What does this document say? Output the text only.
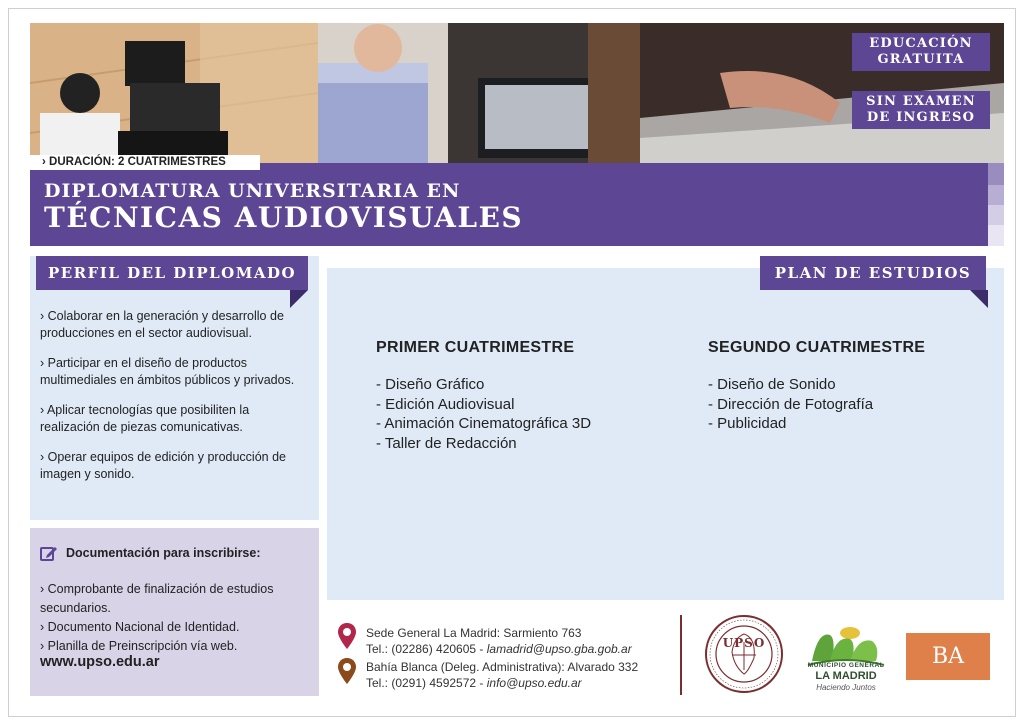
EDUCACIÓN
GRATUITA
SIN EXAMEN
DE INGRESO
› DURACIÓN: 2 CUATRIMESTRES
DIPLOMATURA UNIVERSITARIA EN
TÉCNICAS AUDIOVISUALES
PERFIL DEL DIPLOMADO
› Colaborar en la generación y desarrollo de producciones en el sector audiovisual.
› Participar en el diseño de productos multimediales en ámbitos públicos y privados.
› Aplicar tecnologías que posibiliten la realización de piezas comunicativas.
› Operar equipos de edición y producción de imagen y sonido.
Documentación para inscribirse:
› Comprobante de finalización de estudios
secundarios.
› Documento Nacional de Identidad.
› Planilla de Preinscripción vía web.
www.upso.edu.ar
PLAN DE ESTUDIOS
PRIMER CUATRIMESTRE
- Diseño Gráfico
- Edición Audiovisual
- Animación Cinematográfica 3D
- Taller de Redacción
SEGUNDO CUATRIMESTRE
- Diseño de Sonido
- Dirección de Fotografía
- Publicidad
Sede General La Madrid: Sarmiento 763
Tel.: (02286) 420605 - lamadrid@upso.gba.gob.ar
Bahía Blanca (Deleg. Administrativa): Alvarado 332
Tel.: (0291) 4592572 - info@upso.edu.ar
UPSO
MUNICIPIO GENERAL
LA MADRID
Haciendo Juntos
BA
